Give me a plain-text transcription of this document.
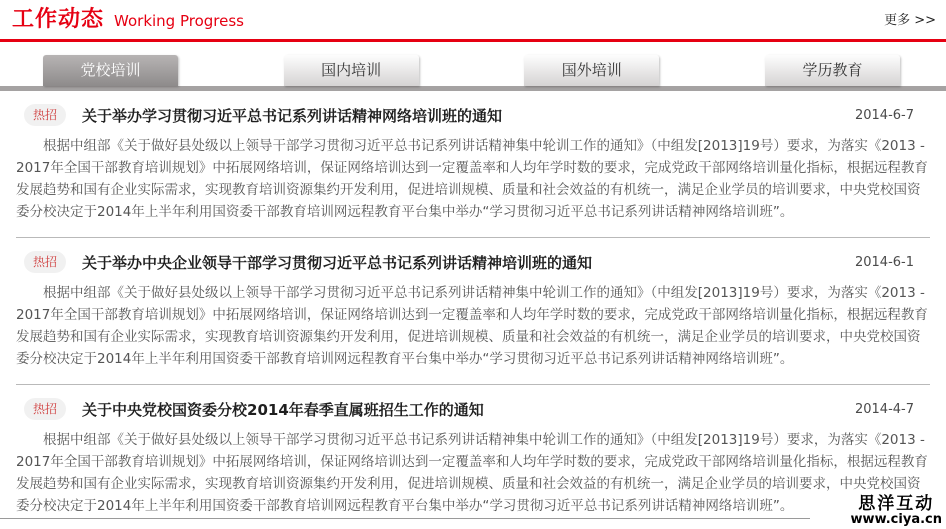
工作动态 Working Progress	更多 >>
党校培训	国内培训	国外培训	学历教育
热招	关于举办学习贯彻习近平总书记系列讲话精神网络培训班的通知	2014-6-7

根据中组部《关于做好县处级以上领导干部学习贯彻习近平总书记系列讲话精神集中轮训工作的通知》（中组发[2013]19号）要求，为落实《2013 - 2017年全国干部教育培训规划》中拓展网络培训，保证网络培训达到一定覆盖率和人均年学时数的要求，完成党政干部网络培训量化指标，根据远程教育发展趋势和国有企业实际需求，实现教育培训资源集约开发利用，促进培训规模、质量和社会效益的有机统一，满足企业学员的培训要求，中央党校国资委分校决定于2014年上半年利用国资委干部教育培训网远程教育平台集中举办“学习贯彻习近平总书记系列讲话精神网络培训班”。

热招	关于举办中央企业领导干部学习贯彻习近平总书记系列讲话精神培训班的通知	2014-6-1

根据中组部《关于做好县处级以上领导干部学习贯彻习近平总书记系列讲话精神集中轮训工作的通知》（中组发[2013]19号）要求，为落实《2013 - 2017年全国干部教育培训规划》中拓展网络培训，保证网络培训达到一定覆盖率和人均年学时数的要求，完成党政干部网络培训量化指标，根据远程教育发展趋势和国有企业实际需求，实现教育培训资源集约开发利用，促进培训规模、质量和社会效益的有机统一，满足企业学员的培训要求，中央党校国资委分校决定于2014年上半年利用国资委干部教育培训网远程教育平台集中举办“学习贯彻习近平总书记系列讲话精神网络培训班”。

热招	关于中央党校国资委分校2014年春季直属班招生工作的通知	2014-4-7

根据中组部《关于做好县处级以上领导干部学习贯彻习近平总书记系列讲话精神集中轮训工作的通知》（中组发[2013]19号）要求，为落实《2013 - 2017年全国干部教育培训规划》中拓展网络培训，保证网络培训达到一定覆盖率和人均年学时数的要求，完成党政干部网络培训量化指标，根据远程教育发展趋势和国有企业实际需求，实现教育培训资源集约开发利用，促进培训规模、质量和社会效益的有机统一，满足企业学员的培训要求，中央党校国资委分校决定于2014年上半年利用国资委干部教育培训网远程教育平台集中举办“学习贯彻习近平总书记系列讲话精神网络培训班”。	思洋互动
www.ciya.cn
